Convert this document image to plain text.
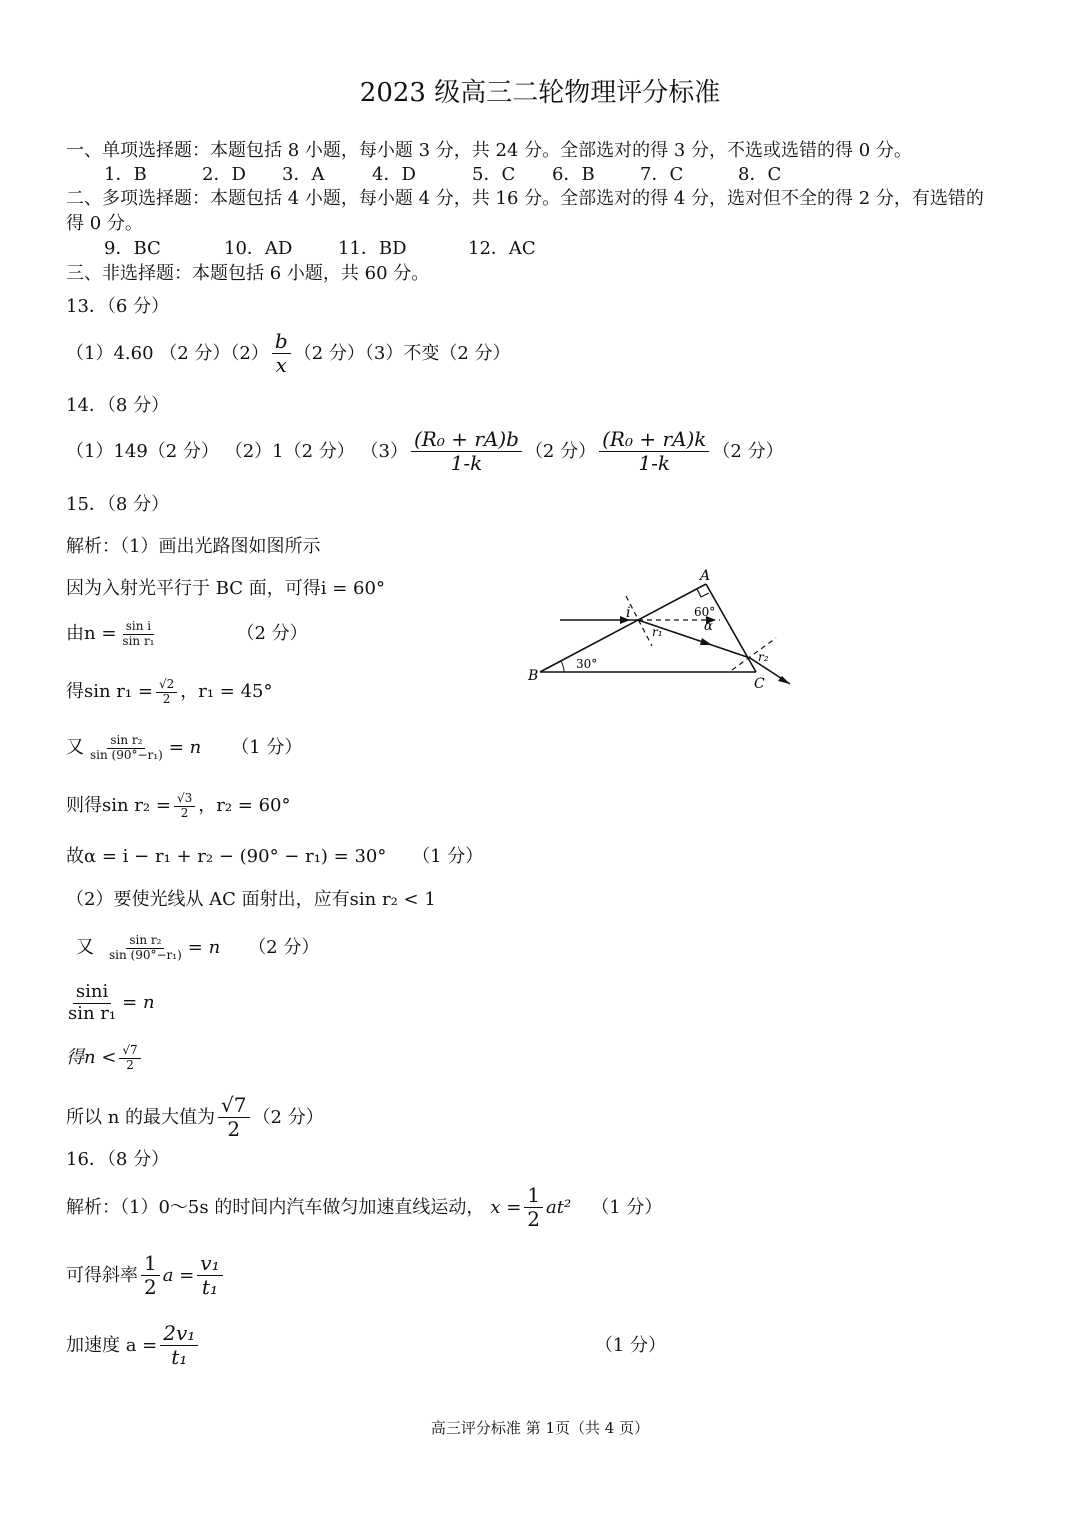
2023 级高三二轮物理评分标准
一、单项选择题：本题包括 8 小题，每小题 3 分，共 24 分。全部选对的得 3 分，不选或选错的得 0 分。
1．B	2．D 3．A	4．D	5．C 6．B	7．C	8．C
二、多项选择题：本题包括 4 小题，每小题 4 分，共 16 分。全部选对的得 4 分，选对但不全的得 2 分，有选错的
得 0 分。
9．BC	10．AD	11．BD	12．AC
三、非选择题：本题包括 6 小题，共 60 分。
13．（6 分）
（1）4.60 （2 分）$(2) \frac{b}{x} (2$ 分）（3）不变（2 分）
14．（8 分）
（1）149（2 分） （2）1（2 分） $(3) \frac{\text{(R₀ + rA)b}}{1-k} (2$ 分） $\frac{\text{(R₀ + rA)k}}{1-k} (2$ 分）
15．（8 分）
解析：（1）画出光路图如图所示
因为入射光平行于 BC 面，可得i = 60°
由$n = \frac{\text{sin i}}{\text{sin r₁}}$	（2 分）
得$\sin r_1 = \frac{√2}{2}$ ，r₁ = 45°
又 $\frac{\text{sin r₂}}{\text{sin (90°−r₁)}} = n$ （1 分）
则得$\sin r_2 = \frac{√3}{2}$ ，r₂ = 60°
故α = i − r₁ + r₂ − (90° − r₁) = 30° （1 分）
（2）要使光线从 AC 面射出，应有sin r₂ < 1
又 $\frac{\text{sin r₂}}{\text{sin (90°−r₁)}} = n$ （2 分）
$\frac{\sin i}{\text{sin r₁}} = n$
得$n < \frac{√7}{2}$
所以 n 的最大值为 $\frac{√7}{2} (2$ 分）
A
B	C
i
r₁
r₂
α
60°
30°
16．（8 分）
解析：（1）0～5s 的时间内汽车做匀加速直线运动， $x = \frac{1}{2} at^2$ （1 分）
可得斜率 $\frac{1}{2}$ $a = \frac{\text{v₁}}{\text{t₁}}$
加速度 $a = \frac{\text{2v₁}}{\text{t₁}}$	（1 分）
高三评分标准 第 1页（共 4 页）
